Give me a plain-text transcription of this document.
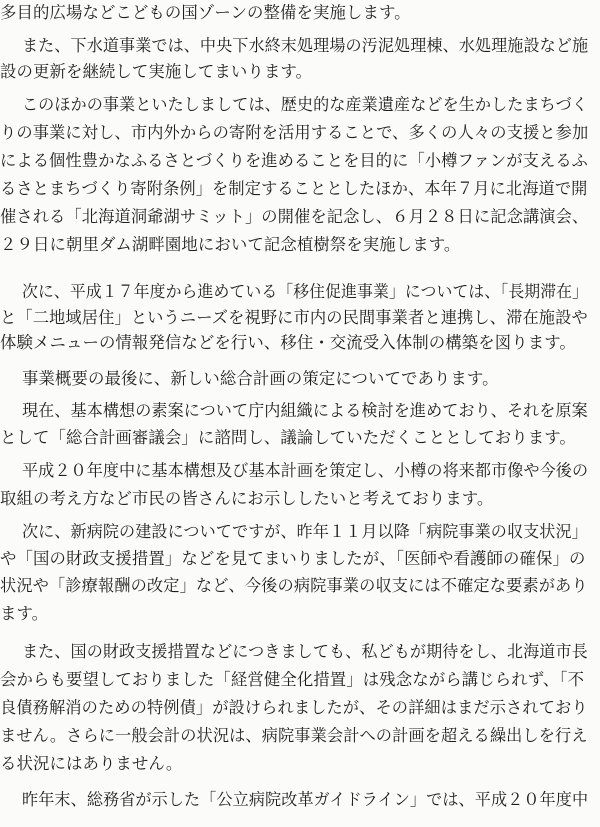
多目的広場などこどもの国ゾーンの整備を実施します。
また、下水道事業では、中央下水終末処理場の汚泥処理棟、水処理施設など施
設の更新を継続して実施してまいります。
このほかの事業といたしましては、歴史的な産業遺産などを生かしたまちづく
りの事業に対し、市内外からの寄附を活用することで、多くの人々の支援と参加
による個性豊かなふるさとづくりを進めることを目的に「小樽ファンが支えるふ
るさとまちづくり寄附条例」を制定することとしたほか、本年７月に北海道で開
催される「北海道洞爺湖サミット」の開催を記念し、６月２８日に記念講演会、
２９日に朝里ダム湖畔園地において記念植樹祭を実施します。
次に、平成１７年度から進めている「移住促進事業」については、「長期滞在」
と「二地域居住」というニーズを視野に市内の民間事業者と連携し、滞在施設や
体験メニューの情報発信などを行い、移住・交流受入体制の構築を図ります。
事業概要の最後に、新しい総合計画の策定についてであります。
現在、基本構想の素案について庁内組織による検討を進めており、それを原案
として「総合計画審議会」に諮問し、議論していただくこととしております。
平成２０年度中に基本構想及び基本計画を策定し、小樽の将来都市像や今後の
取組の考え方など市民の皆さんにお示ししたいと考えております。
次に、新病院の建設についてですが、昨年１１月以降「病院事業の収支状況」
や「国の財政支援措置」などを見てまいりましたが、「医師や看護師の確保」の
状況や「診療報酬の改定」など、今後の病院事業の収支には不確定な要素があり
ます。
また、国の財政支援措置などにつきましても、私どもが期待をし、北海道市長
会からも要望しておりました「経営健全化措置」は残念ながら講じられず、「不
良債務解消のための特例債」が設けられましたが、その詳細はまだ示されており
ません。さらに一般会計の状況は、病院事業会計への計画を超える繰出しを行え
る状況にはありません。
昨年末、総務省が示した「公立病院改革ガイドライン」では、平成２０年度中
